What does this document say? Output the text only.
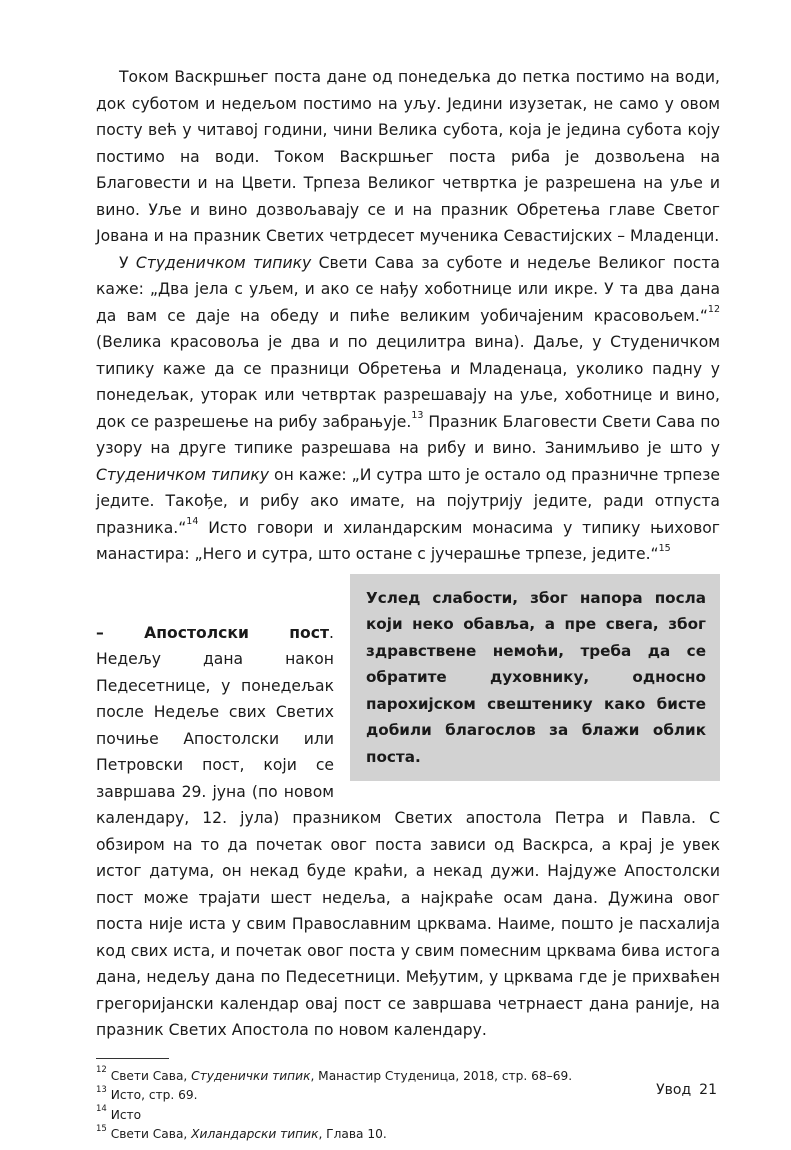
Током Васкршњег поста дане од понедељка до петка постимо на води, док суботом и недељом постимо на уљу. Једини изузетак, не само у овом посту већ у читавој години, чини Велика субота, која је једина субота коју постимо на води. Током Васкршњег поста риба је дозвољена на Благовести и на Цвети. Трпеза Великог четвртка је разрешена на уље и вино. Уље и вино дозвољавају се и на празник Обретења главе Светог Јована и на празник Светих четрдесет мученика Севастијских – Младенци.

У Студеничком типику Свети Сава за суботе и недеље Великог поста каже: „Два јела с уљем, и ако се нађу хоботнице или икре. У та два дана да вам се даје на обеду и пиће великим уобичајеним красовољем.“$^{12}$ (Велика красовоља је два и по децилитра вина). Даље, у Студеничком типику каже да се празници Обретења и Младенаца, уколико падну у понедељак, уторак или четвртак разрешавају на уље, хоботнице и вино, док се разрешење на рибу забрањује.$^{13}$ Празник Благовести Свети Сава по узору на друге типике разрешава на рибу и вино. Занимљиво је што у Студеничком типику он каже: „И сутра што је остало од празничне трпезе једите. Такође, и рибу ако имате, на појутрију једите, ради отпуста празника.“$^{14}$ Исто говори и хиландарским монасима у типику њиховог манастира: „Него и сутра, што остане с јучерашње трпезе, једите.“$^{15}$

Услед слабости, због напора посла који неко обавља, а пре свега, због здравствене немоћи, треба да се обратите духовнику, односно парохијском свештенику како бисте добили благослов за блажи облик поста.

– Апостолски пост. Недељу дана након Педесетнице, у понедељак после Недеље свих Светих почиње Апостолски или Петровски пост, који се завршава 29. јуна (по новом календару, 12. јула) празником Светих апостола Петра и Павла. С обзиром на то да почетак овог поста зависи од Васкрса, а крај је увек истог датума, он некад буде краћи, а некад дужи. Најдуже Апостолски пост може трајати шест недеља, а најкраће осам дана. Дужина овог поста није иста у свим Православним црквама. Наиме, пошто је пасхалија код свих иста, и почетак овог поста у свим помесним црквама бива истога дана, недељу дана по Педесетници. Међутим, у црквама где је прихваћен грегоријански календар овај пост се завршава четрнаест дана раније, на празник Светих Апостола по новом календару.

$^{12}$ Свети Сава, Студенички типик, Манастир Студеница, 2018, стр. 68–69.

$^{13}$ Исто, стр. 69.

$^{14}$ Исто

$^{15}$ Свети Сава, Хиландарски типик, Глава 10.

Увод 21
